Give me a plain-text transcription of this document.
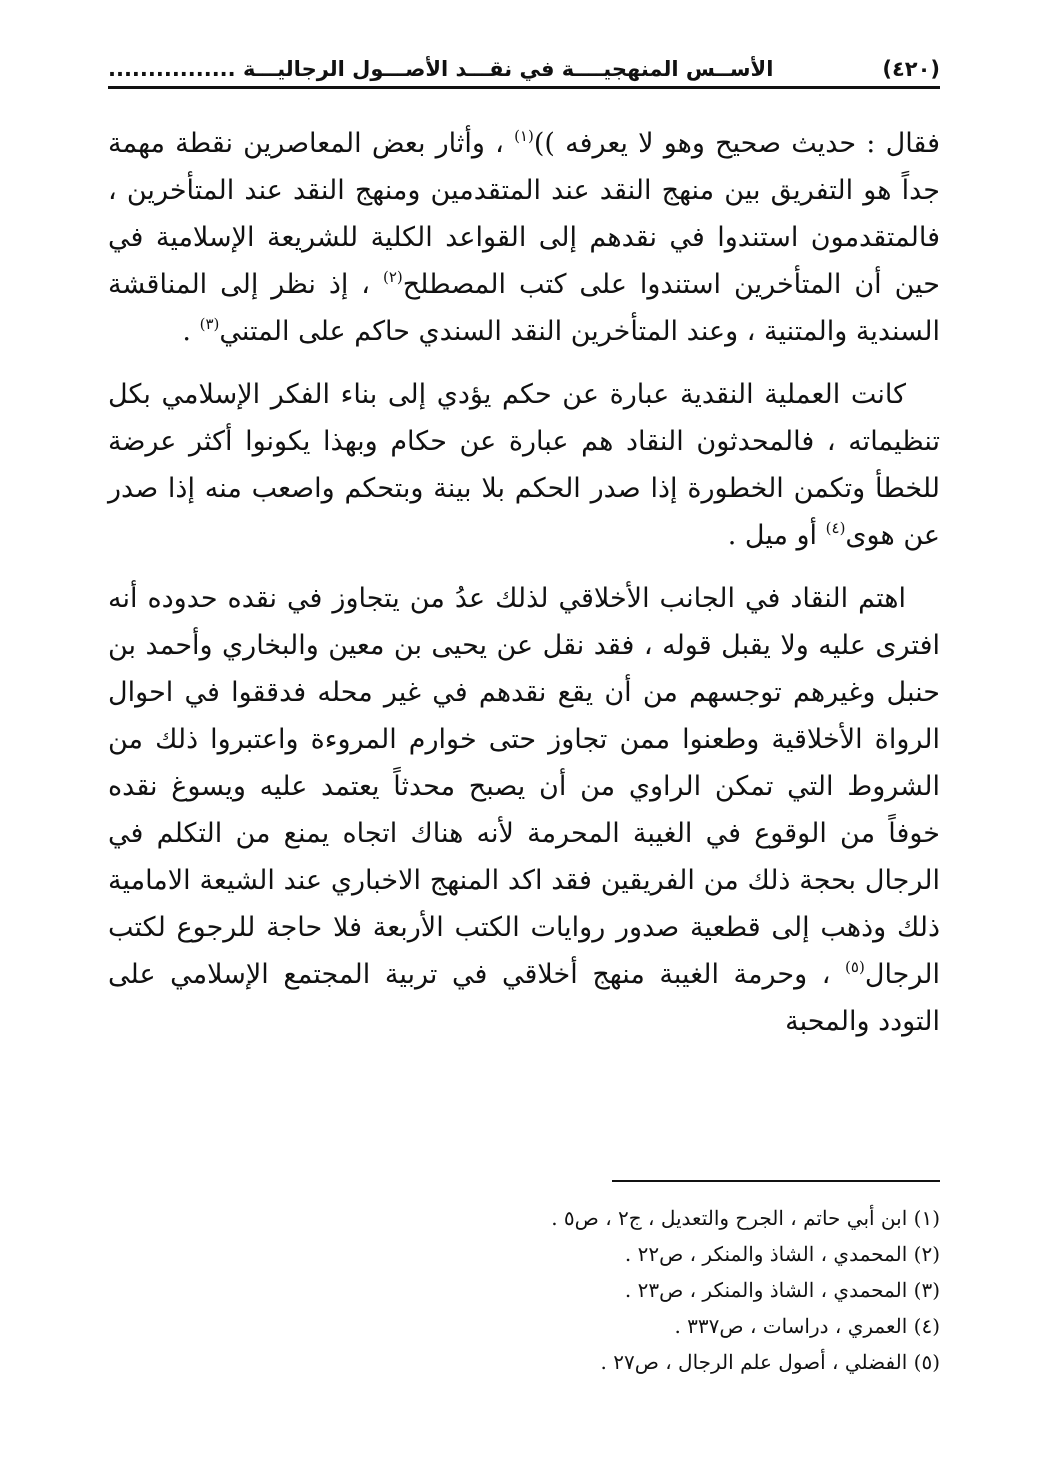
(٤٢٠)
الأســس المنهجيــــة في نقـــد الأصـــول الرجاليـــة ................

فقال : حديث صحيح وهو لا يعرفه ))$^{(١)}$ ، وأثار بعض المعاصرين نقطة مهمة جداً هو التفريق بين منهج النقد عند المتقدمين ومنهج النقد عند المتأخرين ، فالمتقدمون استندوا في نقدهم إلى القواعد الكلية للشريعة الإسلامية في حين أن المتأخرين استندوا على كتب المصطلح$^{(٢)}$ ، إذ نظر إلى المناقشة السندية والمتنية ، وعند المتأخرين النقد السندي حاكم على المتني$^{(٣)}$ .

كانت العملية النقدية عبارة عن حكم يؤدي إلى بناء الفكر الإسلامي بكل تنظيماته ، فالمحدثون النقاد هم عبارة عن حكام وبهذا يكونوا أكثر عرضة للخطأ وتكمن الخطورة إذا صدر الحكم بلا بينة وبتحكم واصعب منه إذا صدر عن هوى$^{(٤)}$ أو ميل .

اهتم النقاد في الجانب الأخلاقي لذلك عدُ من يتجاوز في نقده حدوده أنه افترى عليه ولا يقبل قوله ، فقد نقل عن يحيى بن معين والبخاري وأحمد بن حنبل وغيرهم توجسهم من أن يقع نقدهم في غير محله فدققوا في احوال الرواة الأخلاقية وطعنوا ممن تجاوز حتى خوارم المروءة واعتبروا ذلك من الشروط التي تمكن الراوي من أن يصبح محدثاً يعتمد عليه ويسوغ نقده خوفاً من الوقوع في الغيبة المحرمة لأنه هناك اتجاه يمنع من التكلم في الرجال بحجة ذلك من الفريقين فقد اكد المنهج الاخباري عند الشيعة الامامية ذلك وذهب إلى قطعية صدور روايات الكتب الأربعة فلا حاجة للرجوع لكتب الرجال$^{(٥)}$ ، وحرمة الغيبة منهج أخلاقي في تربية المجتمع الإسلامي على التودد والمحبة

(١) ابن أبي حاتم ، الجرح والتعديل ، ج٢ ، ص٥ .
(٢) المحمدي ، الشاذ والمنكر ، ص٢٢ .
(٣) المحمدي ، الشاذ والمنكر ، ص٢٣ .
(٤) العمري ، دراسات ، ص٣٣٧ .
(٥) الفضلي ، أصول علم الرجال ، ص٢٧ .
